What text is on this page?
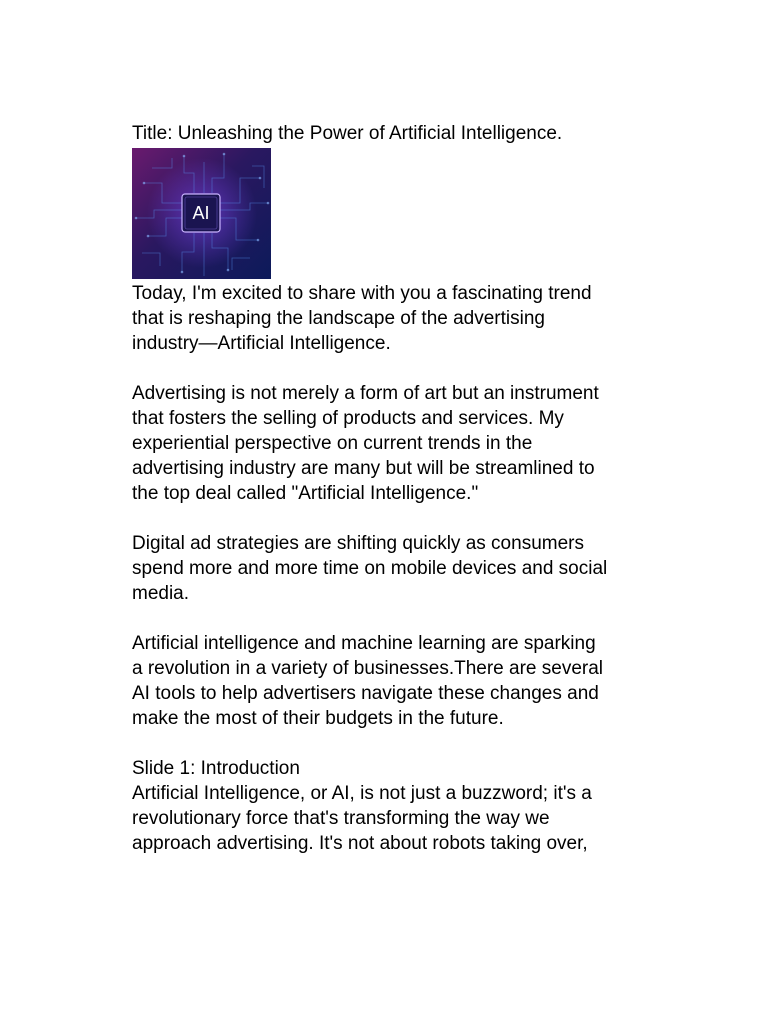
Title: Unleashing the Power of Artificial Intelligence.

AI

Today, I'm excited to share with you a fascinating trend

that is reshaping the landscape of the advertising

industry—Artificial Intelligence.

Advertising is not merely a form of art but an instrument

that fosters the selling of products and services. My

experiential perspective on current trends in the

advertising industry are many but will be streamlined to

the top deal called "Artificial Intelligence."

Digital ad strategies are shifting quickly as consumers

spend more and more time on mobile devices and social

media.

Artificial intelligence and machine learning are sparking

a revolution in a variety of businesses.There are several

AI tools to help advertisers navigate these changes and

make the most of their budgets in the future.

Slide 1: Introduction

Artificial Intelligence, or AI, is not just a buzzword; it's a

revolutionary force that's transforming the way we

approach advertising. It's not about robots taking over,
